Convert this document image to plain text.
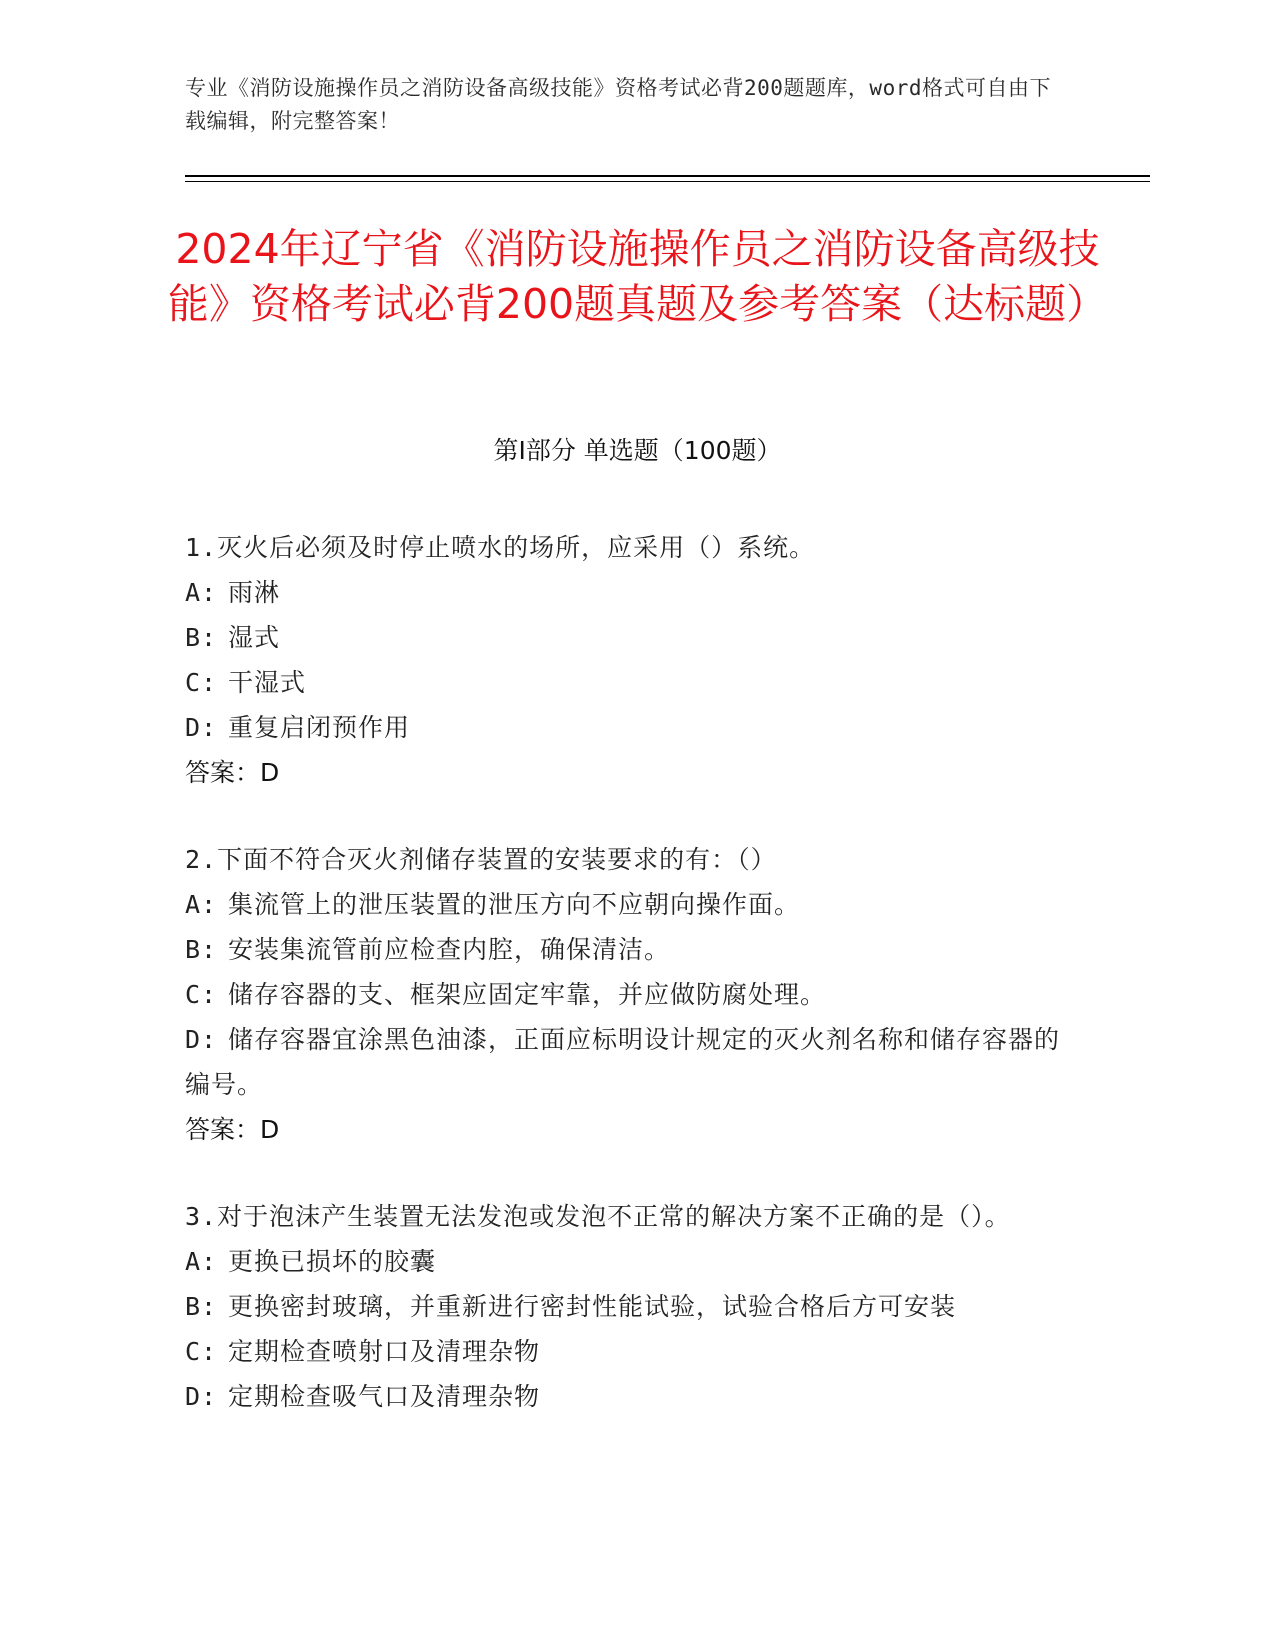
专业《消防设施操作员之消防设备高级技能》资格考试必背200题题库，word格式可自由下载编辑，附完整答案！
2024年辽宁省《消防设施操作员之消防设备高级技能》资格考试必背200题真题及参考答案（达标题）
第I部分 单选题（100题）

1.灭火后必须及时停止喷水的场所，应采用（）系统。

A: 雨淋

B: 湿式

C: 干湿式

D: 重复启闭预作用

答案：D

2.下面不符合灭火剂储存装置的安装要求的有：（）

A: 集流管上的泄压装置的泄压方向不应朝向操作面。

B: 安装集流管前应检查内腔，确保清洁。

C: 储存容器的支、框架应固定牢靠，并应做防腐处理。

D: 储存容器宜涂黑色油漆，正面应标明设计规定的灭火剂名称和储存容器的编号。

答案：D

3.对于泡沫产生装置无法发泡或发泡不正常的解决方案不正确的是（）。

A: 更换已损坏的胶囊

B: 更换密封玻璃，并重新进行密封性能试验，试验合格后方可安装

C: 定期检查喷射口及清理杂物

D: 定期检查吸气口及清理杂物
